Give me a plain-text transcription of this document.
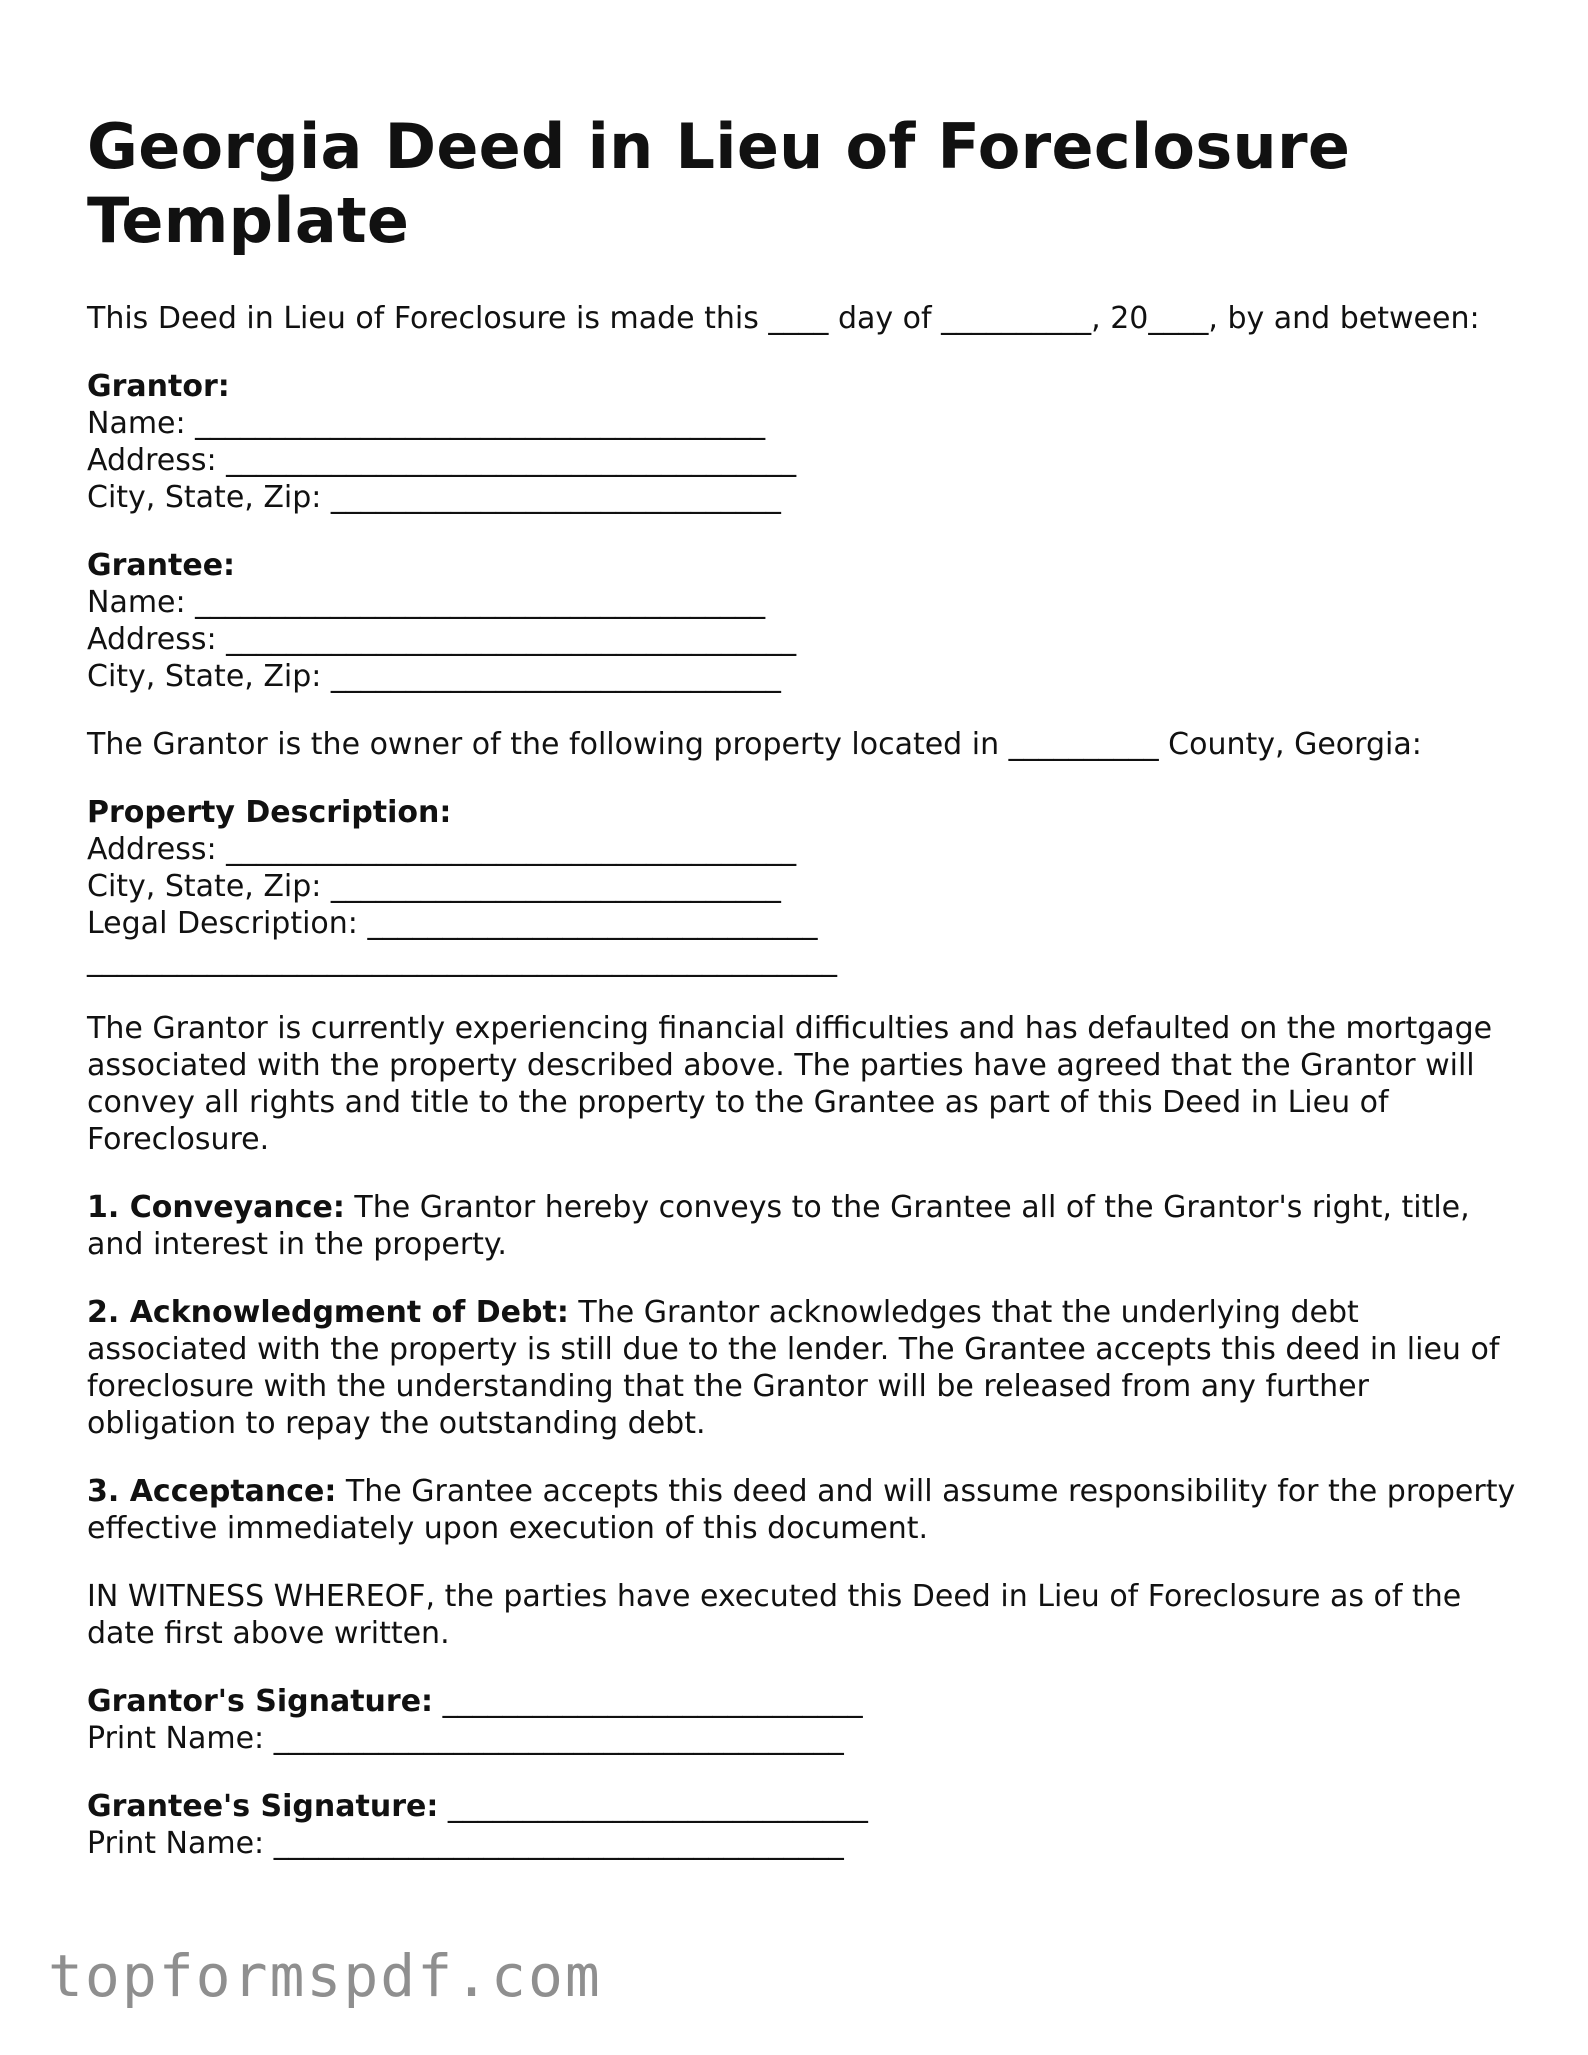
Georgia Deed in Lieu of Foreclosure Template

This Deed in Lieu of Foreclosure is made this ____ day of __________, 20____, by and between:

Grantor:
Name: ______________________________________
Address: ______________________________________
City, State, Zip: ______________________________
Grantee:
Name: ______________________________________
Address: ______________________________________
City, State, Zip: ______________________________

The Grantor is the owner of the following property located in __________ County, Georgia:

Property Description:
Address: ______________________________________
City, State, Zip: ______________________________
Legal Description: ______________________________
__________________________________________________

The Grantor is currently experiencing financial difficulties and has defaulted on the mortgage associated with the property described above. The parties have agreed that the Grantor will convey all rights and title to the property to the Grantee as part of this Deed in Lieu of Foreclosure.

1. Conveyance: The Grantor hereby conveys to the Grantee all of the Grantor's right, title, and interest in the property.

2. Acknowledgment of Debt: The Grantor acknowledges that the underlying debt associated with the property is still due to the lender. The Grantee accepts this deed in lieu of foreclosure with the understanding that the Grantor will be released from any further obligation to repay the outstanding debt.

3. Acceptance: The Grantee accepts this deed and will assume responsibility for the property effective immediately upon execution of this document.

IN WITNESS WHEREOF, the parties have executed this Deed in Lieu of Foreclosure as of the date first above written.

Grantor's Signature: ____________________________
Print Name: ______________________________________
Grantee's Signature: ____________________________
Print Name: ______________________________________
topformspdf.com
